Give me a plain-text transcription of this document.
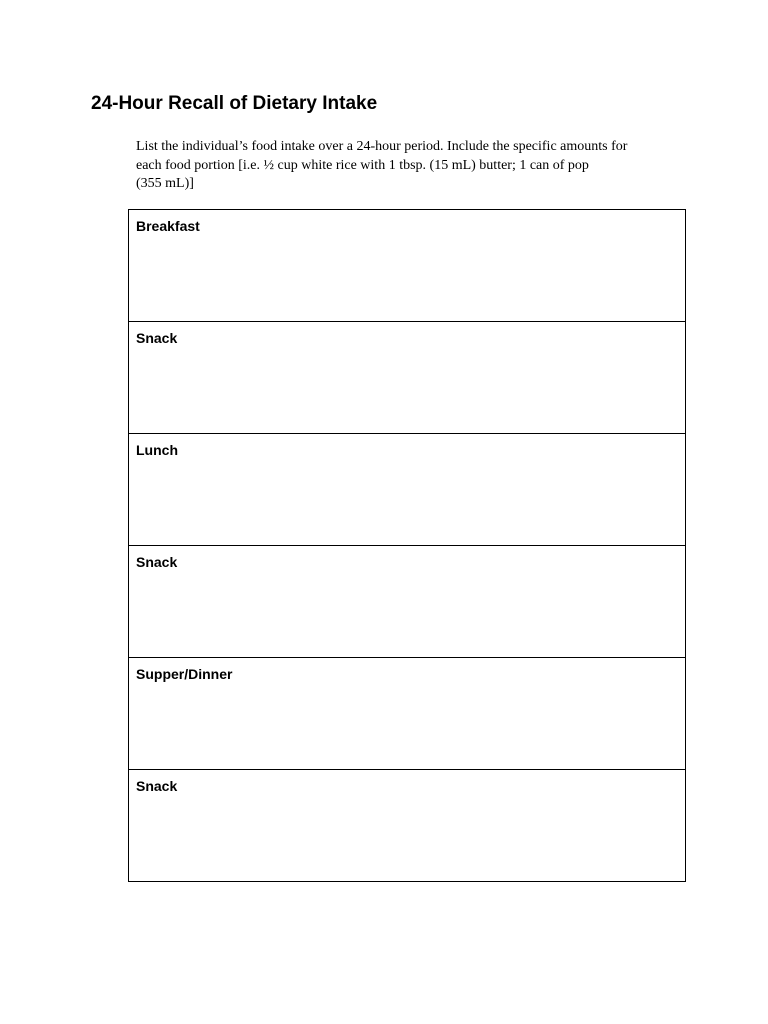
24-Hour Recall of Dietary Intake

List the individual’s food intake over a 24-hour period. Include the specific amounts for
each food portion [i.e. ½ cup white rice with 1 tbsp. (15 mL) butter; 1 can of pop
(355 mL)]

Breakfast
Snack
Lunch
Snack
Supper/Dinner
Snack
